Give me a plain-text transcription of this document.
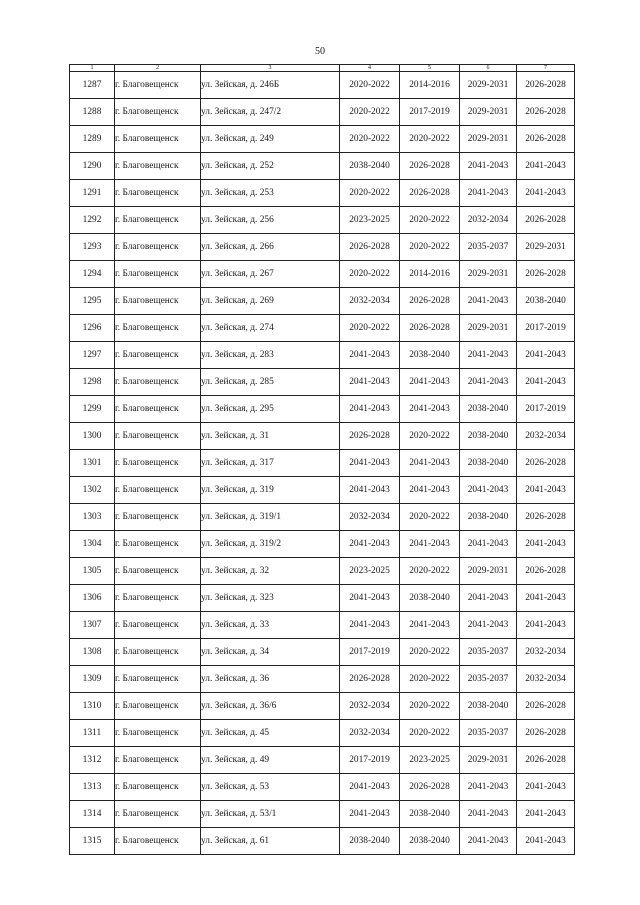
50
1	2	3	4	5	6	7
1287	г. Благовещенск	ул. Зейская, д. 246Б	2020-2022	2014-2016	2029-2031	2026-2028
1288	г. Благовещенск	ул. Зейская, д. 247/2	2020-2022	2017-2019	2029-2031	2026-2028
1289	г. Благовещенск	ул. Зейская, д. 249	2020-2022	2020-2022	2029-2031	2026-2028
1290	г. Благовещенск	ул. Зейская, д. 252	2038-2040	2026-2028	2041-2043	2041-2043
1291	г. Благовещенск	ул. Зейская, д. 253	2020-2022	2026-2028	2041-2043	2041-2043
1292	г. Благовещенск	ул. Зейская, д. 256	2023-2025	2020-2022	2032-2034	2026-2028
1293	г. Благовещенск	ул. Зейская, д. 266	2026-2028	2020-2022	2035-2037	2029-2031
1294	г. Благовещенск	ул. Зейская, д. 267	2020-2022	2014-2016	2029-2031	2026-2028
1295	г. Благовещенск	ул. Зейская, д. 269	2032-2034	2026-2028	2041-2043	2038-2040
1296	г. Благовещенск	ул. Зейская, д. 274	2020-2022	2026-2028	2029-2031	2017-2019
1297	г. Благовещенск	ул. Зейская, д. 283	2041-2043	2038-2040	2041-2043	2041-2043
1298	г. Благовещенск	ул. Зейская, д. 285	2041-2043	2041-2043	2041-2043	2041-2043
1299	г. Благовещенск	ул. Зейская, д. 295	2041-2043	2041-2043	2038-2040	2017-2019
1300	г. Благовещенск	ул. Зейская, д. 31	2026-2028	2020-2022	2038-2040	2032-2034
1301	г. Благовещенск	ул. Зейская, д. 317	2041-2043	2041-2043	2038-2040	2026-2028
1302	г. Благовещенск	ул. Зейская, д. 319	2041-2043	2041-2043	2041-2043	2041-2043
1303	г. Благовещенск	ул. Зейская, д. 319/1	2032-2034	2020-2022	2038-2040	2026-2028
1304	г. Благовещенск	ул. Зейская, д. 319/2	2041-2043	2041-2043	2041-2043	2041-2043
1305	г. Благовещенск	ул. Зейская, д. 32	2023-2025	2020-2022	2029-2031	2026-2028
1306	г. Благовещенск	ул. Зейская, д. 323	2041-2043	2038-2040	2041-2043	2041-2043
1307	г. Благовещенск	ул. Зейская, д. 33	2041-2043	2041-2043	2041-2043	2041-2043
1308	г. Благовещенск	ул. Зейская, д. 34	2017-2019	2020-2022	2035-2037	2032-2034
1309	г. Благовещенск	ул. Зейская, д. 36	2026-2028	2020-2022	2035-2037	2032-2034
1310	г. Благовещенск	ул. Зейская, д. 36/6	2032-2034	2020-2022	2038-2040	2026-2028
1311	г. Благовещенск	ул. Зейская, д. 45	2032-2034	2020-2022	2035-2037	2026-2028
1312	г. Благовещенск	ул. Зейская, д. 49	2017-2019	2023-2025	2029-2031	2026-2028
1313	г. Благовещенск	ул. Зейская, д. 53	2041-2043	2026-2028	2041-2043	2041-2043
1314	г. Благовещенск	ул. Зейская, д. 53/1	2041-2043	2038-2040	2041-2043	2041-2043
1315	г. Благовещенск	ул. Зейская, д. 61	2038-2040	2038-2040	2041-2043	2041-2043
